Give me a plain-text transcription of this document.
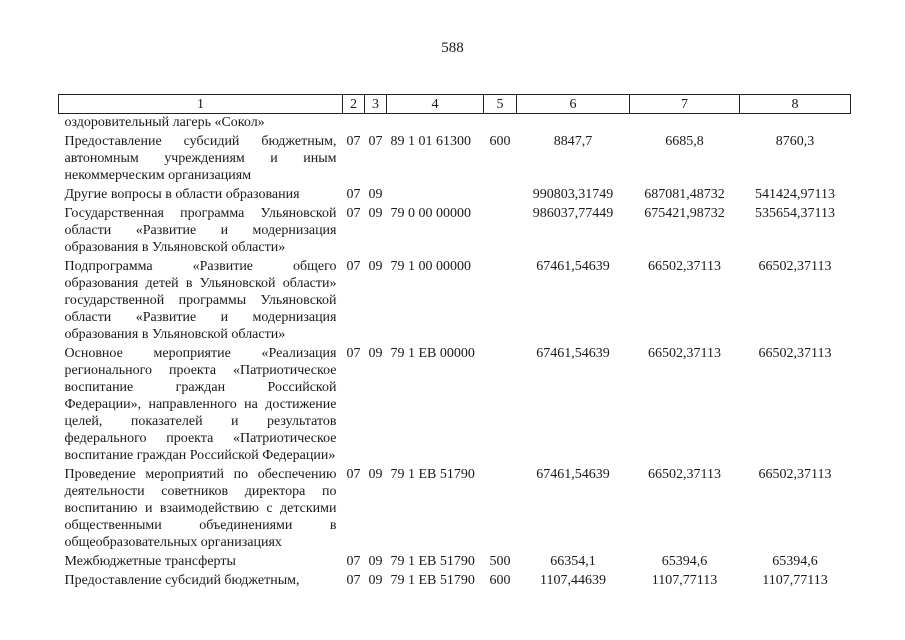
588
1	2	3	4	5	6	7	8
оздоровительный лагерь «Сокол»							
Предоставление субсидий бюджетным, автономным учреждениям и иным некоммерческим организациям	07	07	89 1 01 61300	600	8847,7	6685,8	8760,3
Другие вопросы в области образования	07	09			990803,31749	687081,48732	541424,97113
Государственная программа Ульяновской области «Развитие и модернизация образования в Ульяновской области»	07	09	79 0 00 00000		986037,77449	675421,98732	535654,37113
Подпрограмма «Развитие общего образования детей в Ульяновской области» государственной программы Ульяновской области «Развитие и модернизация образования в Ульяновской области»	07	09	79 1 00 00000		67461,54639	66502,37113	66502,37113
Основное мероприятие «Реализация регионального проекта «Патриотическое воспитание граждан Российской Федерации», направленного на достижение целей, показателей и результатов федерального проекта «Патриотическое воспитание граждан Российской Федерации»	07	09	79 1 ЕВ 00000		67461,54639	66502,37113	66502,37113
Проведение мероприятий по обеспечению деятельности советников директора по воспитанию и взаимодействию с детскими общественными объединениями в общеобразовательных организациях	07	09	79 1 ЕВ 51790		67461,54639	66502,37113	66502,37113
Межбюджетные трансферты	07	09	79 1 ЕВ 51790	500	66354,1	65394,6	65394,6
Предоставление субсидий бюджетным,	07	09	79 1 ЕВ 51790	600	1107,44639	1107,77113	1107,77113
